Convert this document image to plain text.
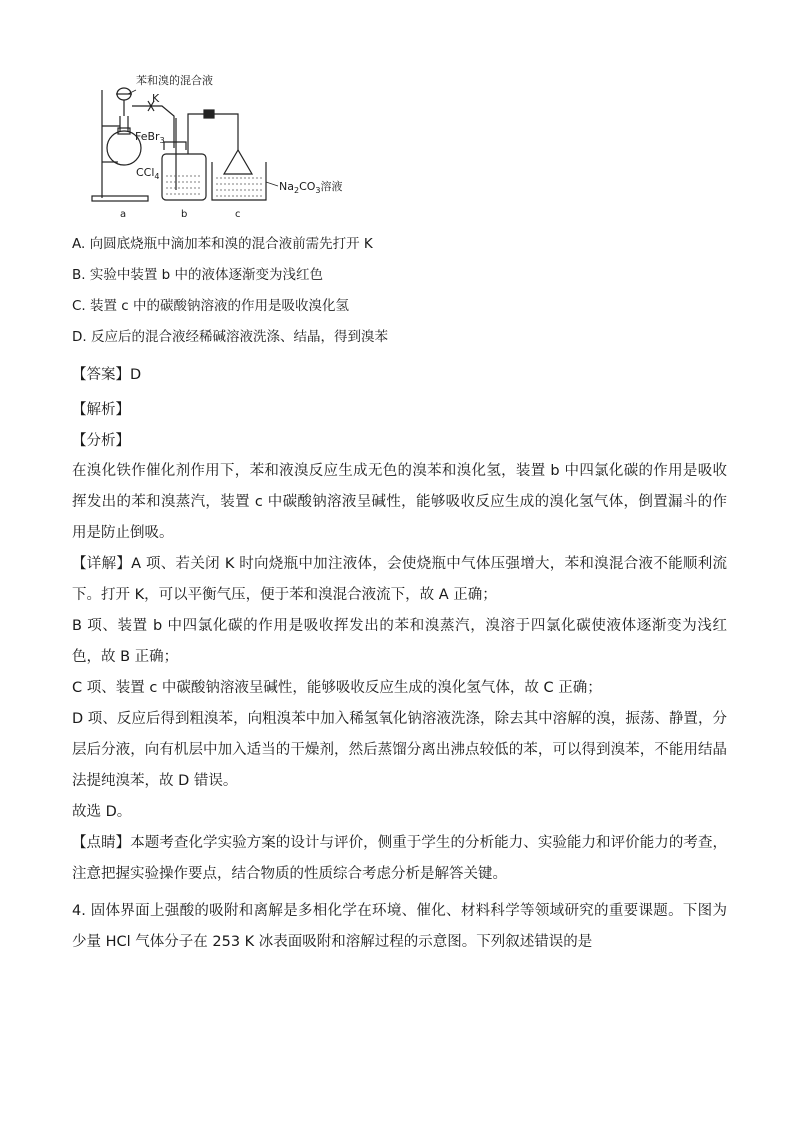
苯和溴的混合液
K
FeBr$_3$
CCl$_4$
$Na_2CO_3$溶液
a	b	c
A. 向圆底烧瓶中滴加苯和溴的混合液前需先打开 K
B. 实验中装置 b 中的液体逐渐变为浅红色
C. 装置 c 中的碳酸钠溶液的作用是吸收溴化氢
D. 反应后的混合液经稀碱溶液洗涤、结晶，得到溴苯
【答案】D
【解析】
【分析】

在溴化铁作催化剂作用下，苯和液溴反应生成无色的溴苯和溴化氢，装置 b 中四氯化碳的作用是吸收挥发出的苯和溴蒸汽，装置 c 中碳酸钠溶液呈碱性，能够吸收反应生成的溴化氢气体，倒置漏斗的作用是防止倒吸。

【详解】A 项、若关闭 K 时向烧瓶中加注液体，会使烧瓶中气体压强增大，苯和溴混合液不能顺利流下。打开 K，可以平衡气压，便于苯和溴混合液流下，故 A 正确；

B 项、装置 b 中四氯化碳的作用是吸收挥发出的苯和溴蒸汽，溴溶于四氯化碳使液体逐渐变为浅红色，故 B 正确；

C 项、装置 c 中碳酸钠溶液呈碱性，能够吸收反应生成的溴化氢气体，故 C 正确；

D 项、反应后得到粗溴苯，向粗溴苯中加入稀氢氧化钠溶液洗涤，除去其中溶解的溴，振荡、静置，分层后分液，向有机层中加入适当的干燥剂，然后蒸馏分离出沸点较低的苯，可以得到溴苯，不能用结晶法提纯溴苯，故 D 错误。

故选 D。

【点睛】本题考查化学实验方案的设计与评价，侧重于学生的分析能力、实验能力和评价能力的考查，注意把握实验操作要点，结合物质的性质综合考虑分析是解答关键。

4. 固体界面上强酸的吸附和离解是多相化学在环境、催化、材料科学等领域研究的重要课题。下图为少量 HCl 气体分子在 253 K 冰表面吸附和溶解过程的示意图。下列叙述错误的是
